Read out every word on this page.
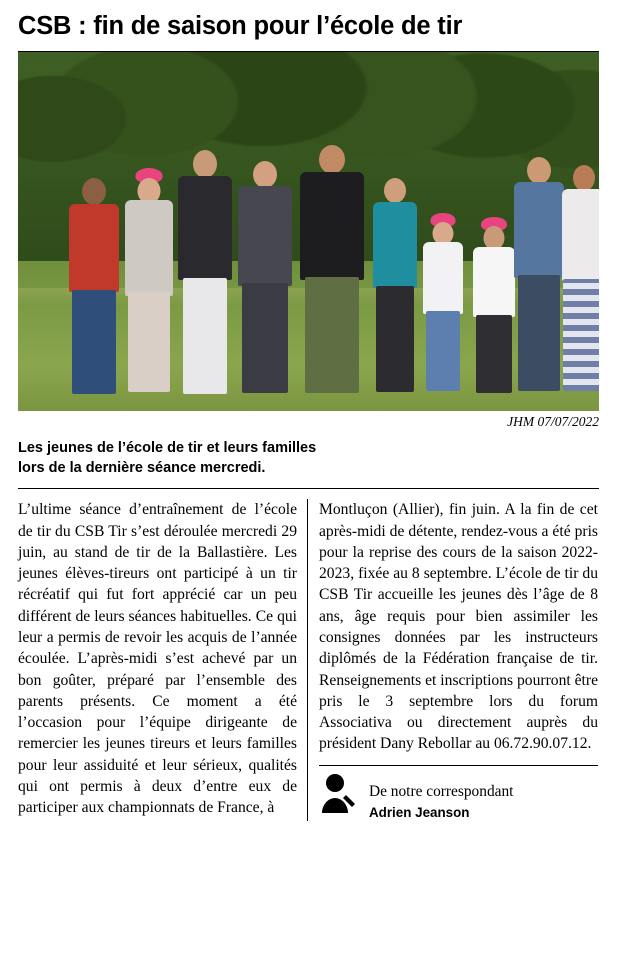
CSB : fin de saison pour l’école de tir
JHM 07/07/2022
Les jeunes de l’école de tir et leurs familles
lors de la dernière séance mercredi.

L’ultime séance d’entraînement de l’école de tir du CSB Tir s’est déroulée mercredi 29 juin, au stand de tir de la Ballastière. Les jeunes élèves-tireurs ont participé à un tir récréatif qui fut fort apprécié car un peu différent de leurs séances habituelles. Ce qui leur a permis de revoir les acquis de l’année écoulée. L’après-midi s’est achevé par un bon goûter, préparé par l’ensemble des parents présents. Ce moment a été l’occasion pour l’équipe dirigeante de remercier les jeunes tireurs et leurs familles pour leur assiduité et leur sérieux, qualités qui ont permis à deux d’entre eux de participer aux championnats de France, à

Montluçon (Allier), fin juin. A la fin de cet après-midi de détente, rendez-vous a été pris pour la reprise des cours de la saison 2022-2023, fixée au 8 septembre. L’école de tir du CSB Tir accueille les jeunes dès l’âge de 8 ans, âge requis pour bien assimiler les consignes données par les instructeurs diplômés de la Fédération française de tir. Renseignements et inscriptions pourront être pris le 3 septembre lors du forum Associativa ou directement auprès du président Dany Rebollar au 06.72.90.07.12.

De notre correspondant
Adrien Jeanson
